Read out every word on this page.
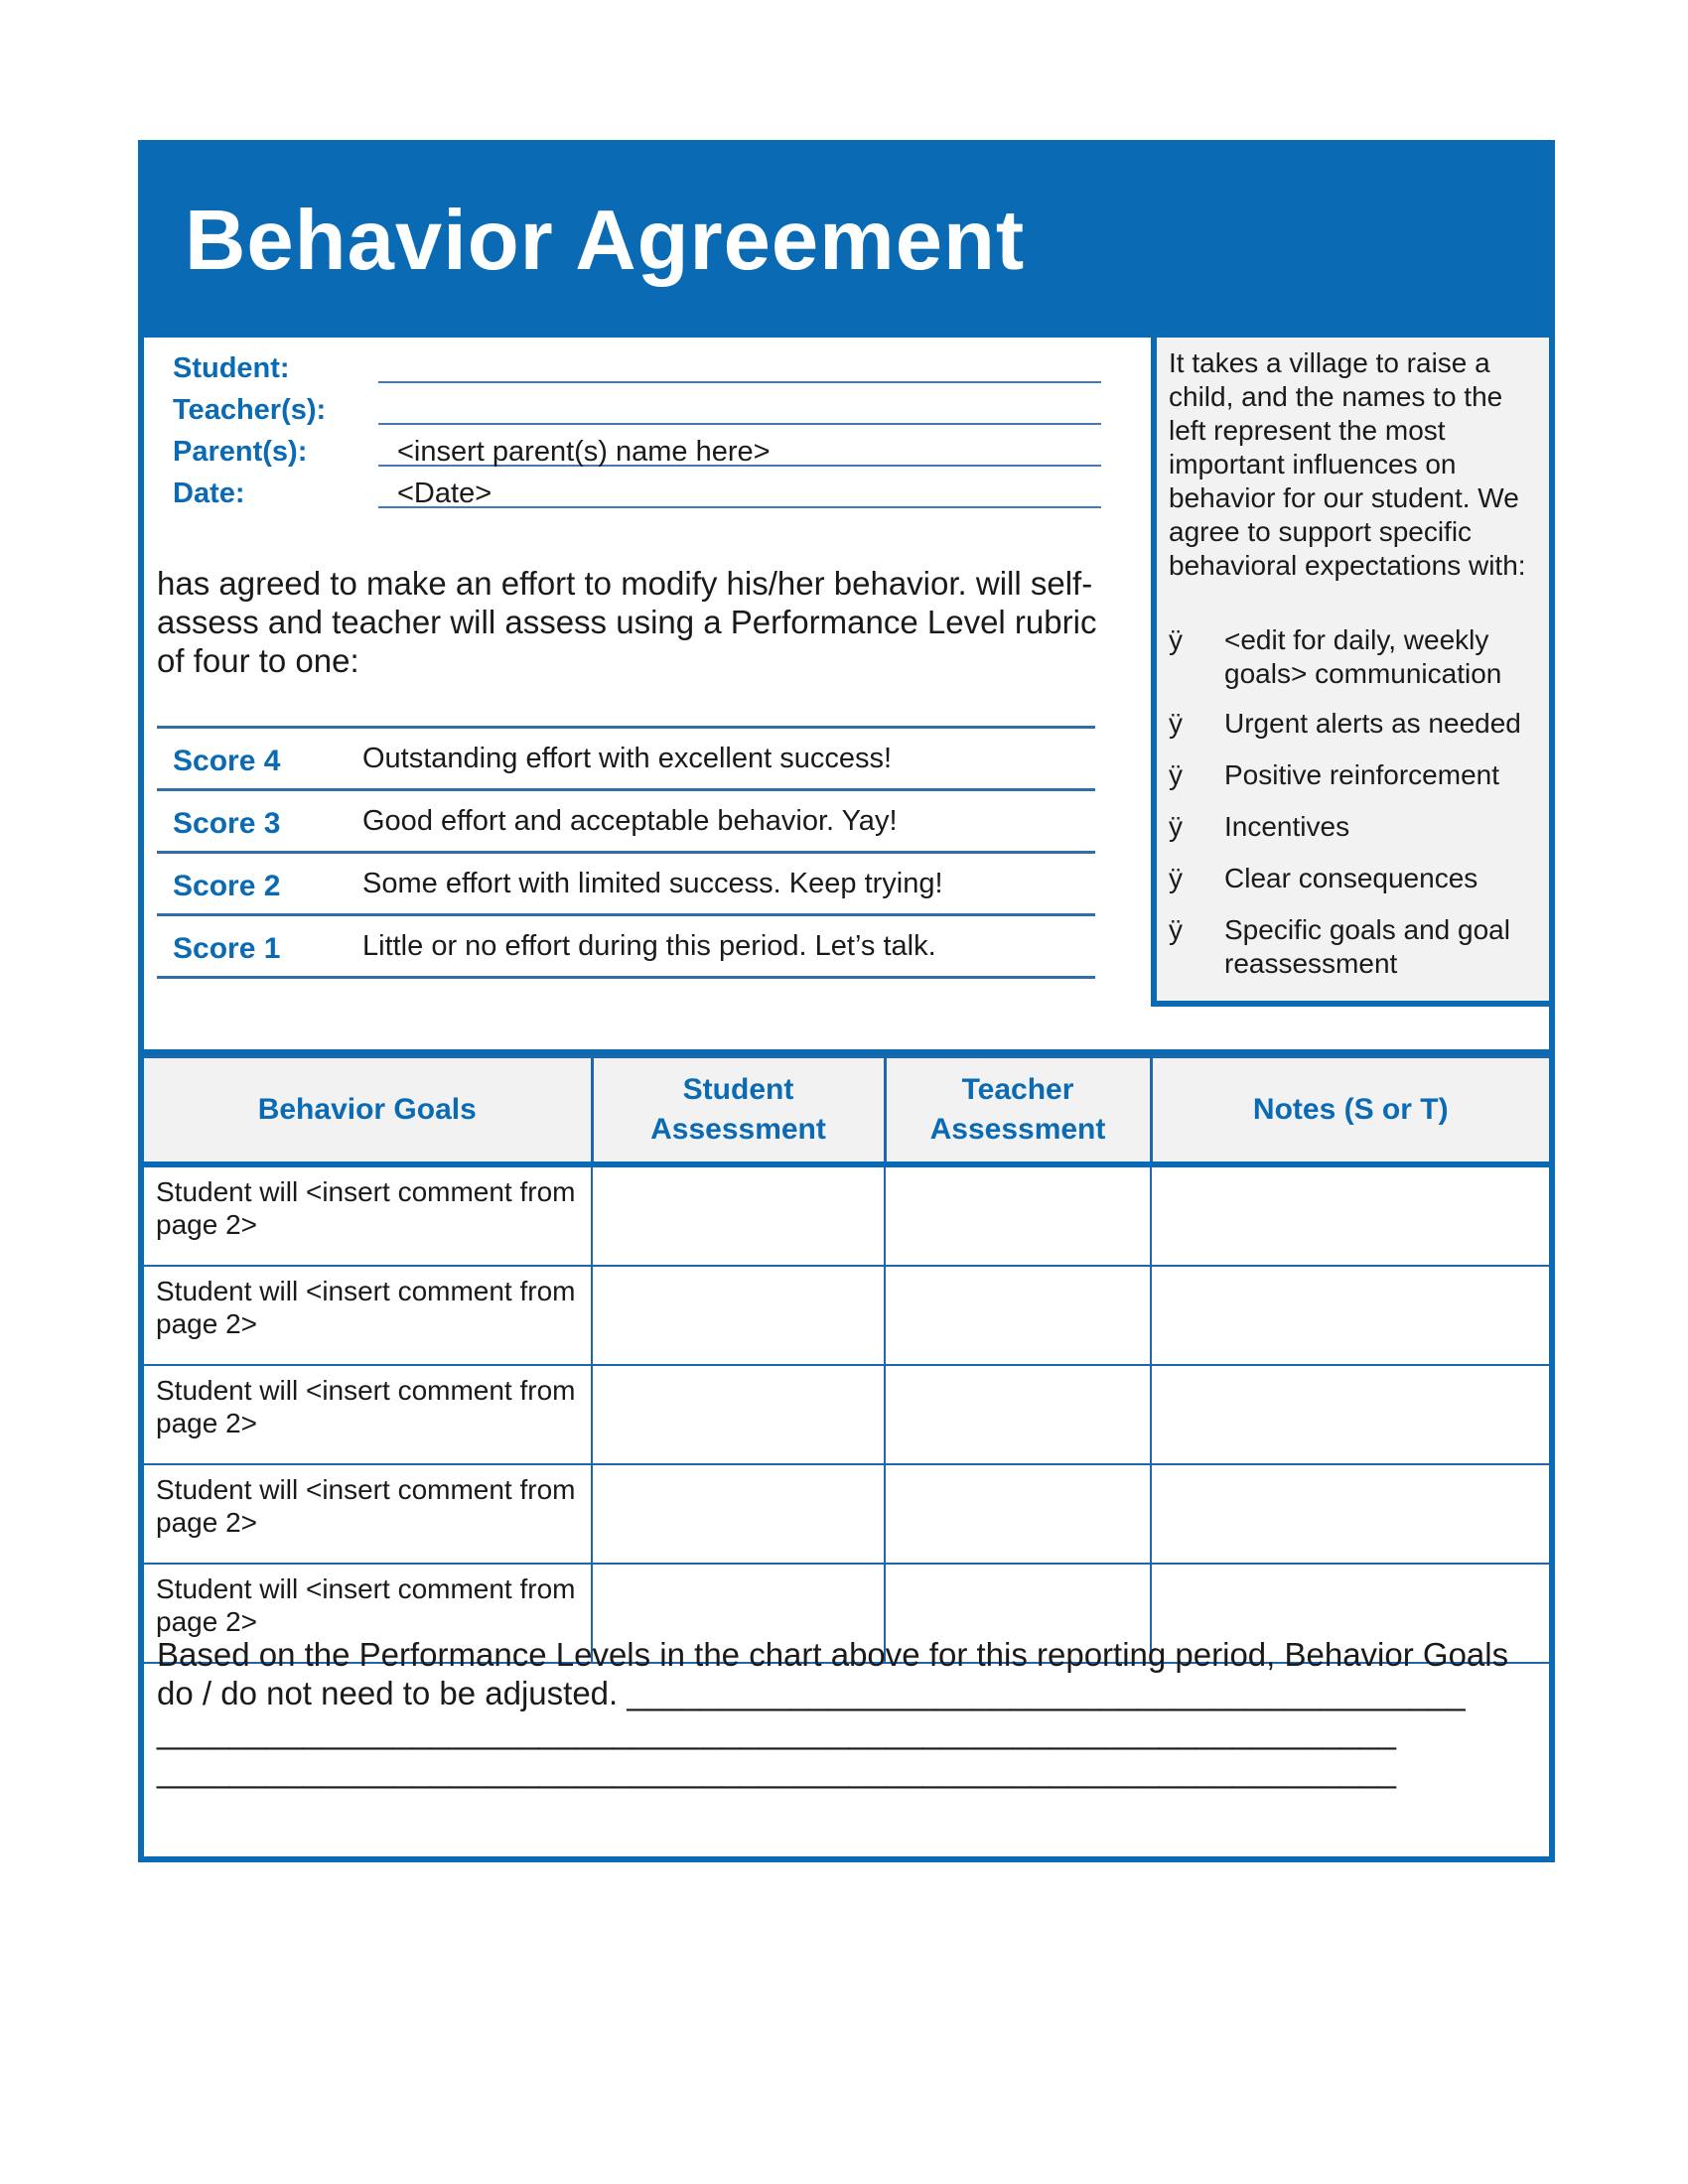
Behavior Agreement
Student:
Teacher(s):
Parent(s):	<insert parent(s) name here>
Date:	<Date>
has agreed to make an effort to modify his/her behavior. will self-assess and teacher will assess using a Performance Level rubric of four to one:
Score 4	Outstanding effort with excellent success!
Score 3	Good effort and acceptable behavior. Yay!
Score 2	Some effort with limited success. Keep trying!
Score 1	Little or no effort during this period. Let’s talk.
It takes a village to raise a child, and the names to the left represent the most important influences on behavior for our student. We agree to support specific behavioral expectations with:
ÿ <edit for daily, weekly goals> communication
ÿ Urgent alerts as needed
ÿ Positive reinforcement
ÿ Incentives
ÿ Clear consequences
ÿ Specific goals and goal reassessment
Behavior Goals	Student Assessment	Teacher Assessment	Notes (S or T)
Student will <insert comment from page 2>			
Student will <insert comment from page 2>			
Student will <insert comment from page 2>			
Student will <insert comment from page 2>			
Student will <insert comment from page 2>			
Based on the Performance Levels in the chart above for this reporting period, Behavior Goals do / do not need to be adjusted. ______________________________________________
____________________________________________________________________
____________________________________________________________________
